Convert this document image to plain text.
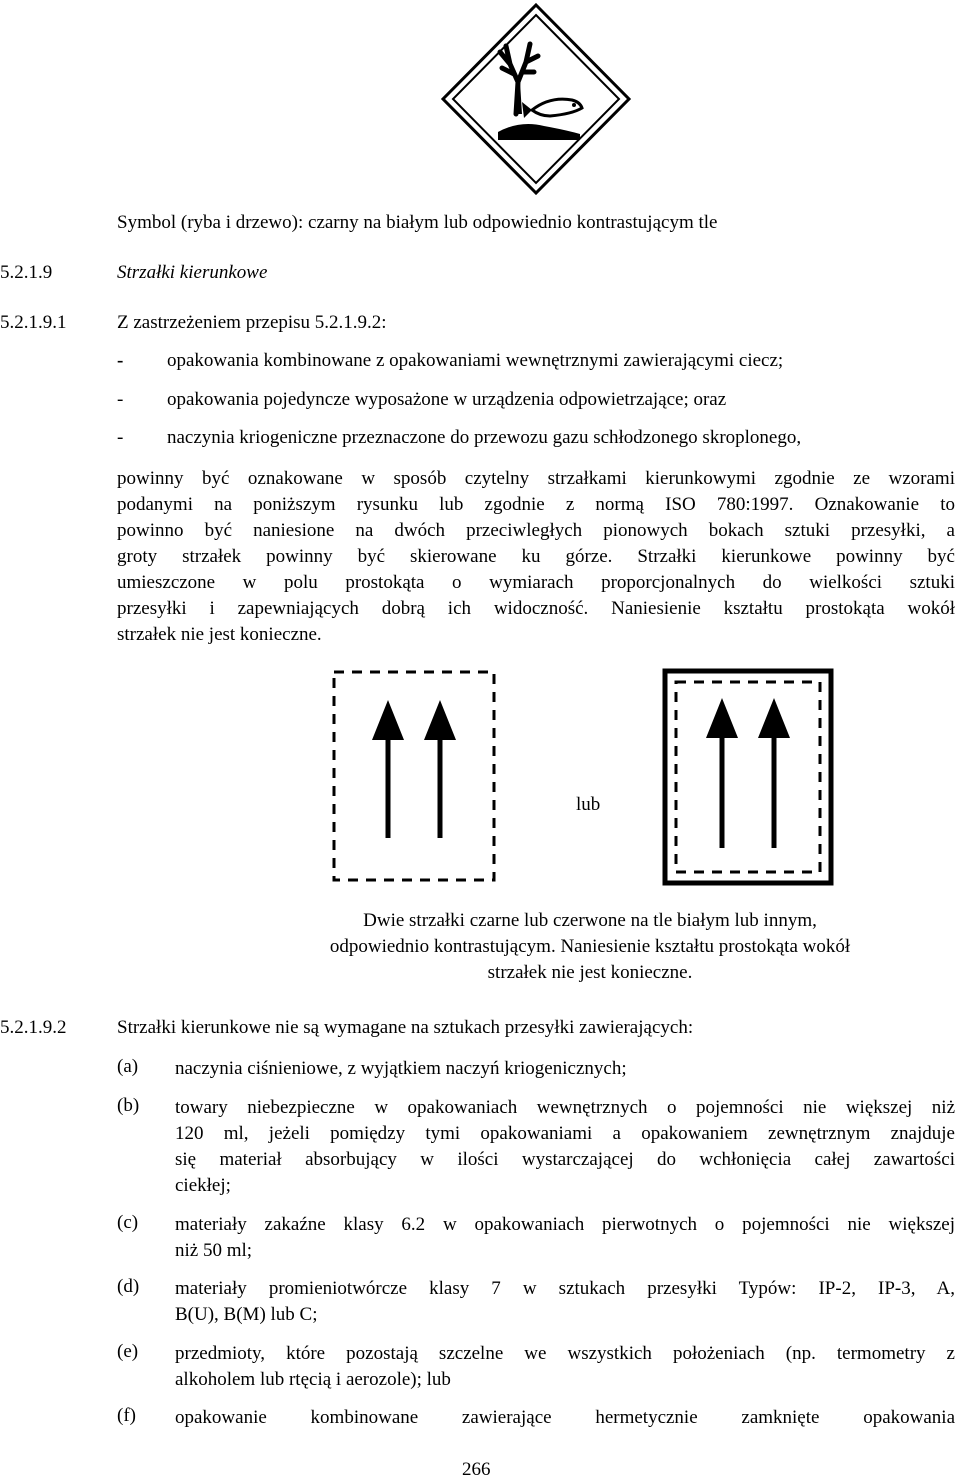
Symbol (ryba i drzewo): czarny na białym lub odpowiednio kontrastującym tle
5.2.1.9	Strzałki kierunkowe
5.2.1.9.1	Z zastrzeżeniem przepisu 5.2.1.9.2:
- opakowania kombinowane z opakowaniami wewnętrznymi zawierającymi ciecz;
- opakowania pojedyncze wyposażone w urządzenia odpowietrzające; oraz
- naczynia kriogeniczne przeznaczone do przewozu gazu schłodzonego skroplonego,
powinny być oznakowane w sposób czytelny strzałkami kierunkowymi zgodnie ze wzorami
podanymi na poniższym rysunku lub zgodnie z normą ISO 780:1997. Oznakowanie to
powinno być naniesione na dwóch przeciwległych pionowych bokach sztuki przesyłki, a
groty strzałek powinny być skierowane ku górze. Strzałki kierunkowe powinny być
umieszczone w polu prostokąta o wymiarach proporcjonalnych do wielkości sztuki
przesyłki i zapewniających dobrą ich widoczność. Naniesienie kształtu prostokąta wokół
strzałek nie jest konieczne.
lub
Dwie strzałki czarne lub czerwone na tle białym lub innym,
odpowiednio kontrastującym. Naniesienie kształtu prostokąta wokół
strzałek nie jest konieczne.
5.2.1.9.2	Strzałki kierunkowe nie są wymagane na sztukach przesyłki zawierających:
(a) naczynia ciśnieniowe, z wyjątkiem naczyń kriogenicznych;
(b) towary niebezpieczne w opakowaniach wewnętrznych o pojemności nie większej niż
120 ml, jeżeli pomiędzy tymi opakowaniami a opakowaniem zewnętrznym znajduje
się materiał absorbujący w ilości wystarczającej do wchłonięcia całej zawartości
ciekłej;
(c) materiały zakaźne klasy 6.2 w opakowaniach pierwotnych o pojemności nie większej
niż 50 ml;
(d) materiały promieniotwórcze klasy 7 w sztukach przesyłki Typów: IP-2, IP-3, A,
B(U), B(M) lub C;
(e) przedmioty, które pozostają szczelne we wszystkich położeniach (np. termometry z
alkoholem lub rtęcią i aerozole); lub
(f) opakowanie kombinowane zawierające hermetycznie zamknięte opakowania
266
